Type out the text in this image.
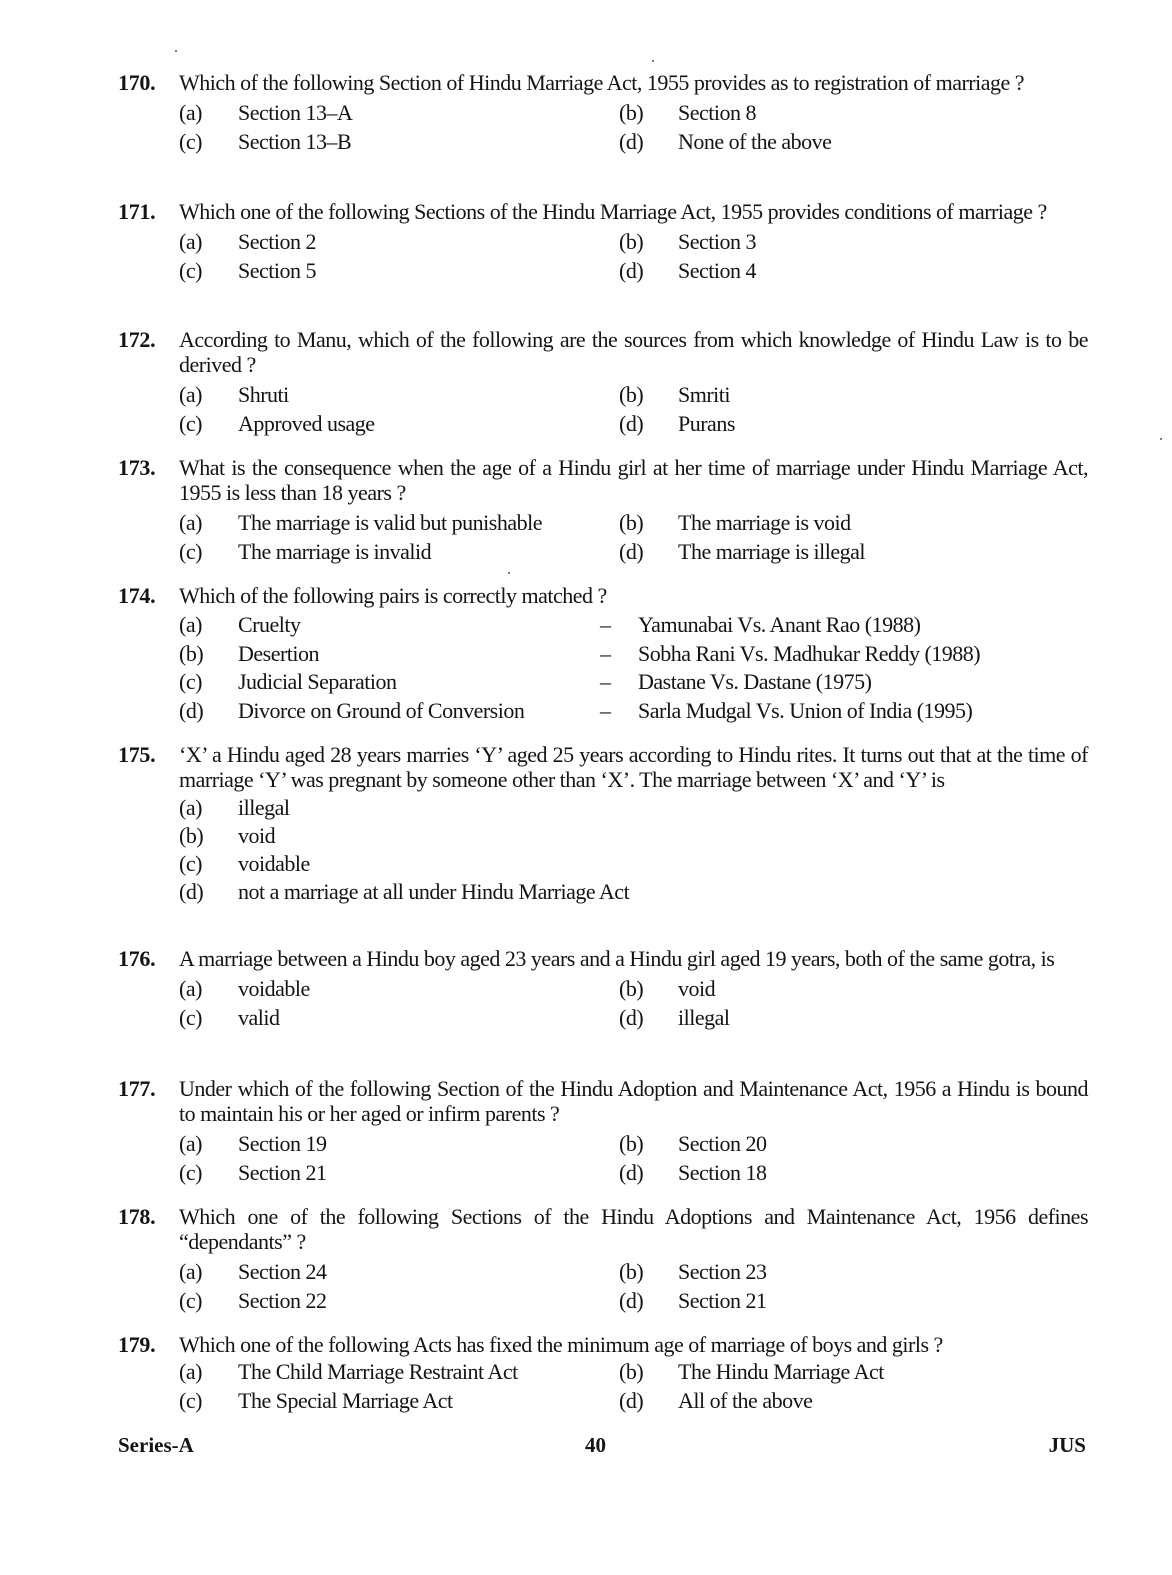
170.	Which of the following Section of Hindu Marriage Act, 1955 provides as to registration of marriage ?
(a)	Section 13–A	(b)	Section 8
(c)	Section 13–B	(d)	None of the above
171.	Which one of the following Sections of the Hindu Marriage Act, 1955 provides conditions of marriage ?
(a)	Section 2	(b)	Section 3
(c)	Section 5	(d)	Section 4
172.	According to Manu, which of the following are the sources from which knowledge of Hindu Law is to be derived ?
(a)	Shruti	(b)	Smriti
(c)	Approved usage	(d)	Purans
173.	What is the consequence when the age of a Hindu girl at her time of marriage under Hindu Marriage Act, 1955 is less than 18 years ?
(a)	The marriage is valid but punishable	(b)	The marriage is void
(c)	The marriage is invalid	(d)	The marriage is illegal
174.	Which of the following pairs is correctly matched ?
(a)	Cruelty	–	Yamunabai Vs. Anant Rao (1988)
(b)	Desertion	–	Sobha Rani Vs. Madhukar Reddy (1988)
(c)	Judicial Separation	–	Dastane Vs. Dastane (1975)
(d)	Divorce on Ground of Conversion	–	Sarla Mudgal Vs. Union of India (1995)
175.	‘X’ a Hindu aged 28 years marries ‘Y’ aged 25 years according to Hindu rites. It turns out that at the time of marriage ‘Y’ was pregnant by someone other than ‘X’. The marriage between ‘X’ and ‘Y’ is
(a)	illegal
(b)	void
(c)	voidable
(d)	not a marriage at all under Hindu Marriage Act
176.	A marriage between a Hindu boy aged 23 years and a Hindu girl aged 19 years, both of the same gotra, is
(a)	voidable	(b)	void
(c)	valid	(d)	illegal
177.	Under which of the following Section of the Hindu Adoption and Maintenance Act, 1956 a Hindu is bound to maintain his or her aged or infirm parents ?
(a)	Section 19	(b)	Section 20
(c)	Section 21	(d)	Section 18
178.	Which one of the following Sections of the Hindu Adoptions and Maintenance Act, 1956 defines “dependants” ?
(a)	Section 24	(b)	Section 23
(c)	Section 22	(d)	Section 21
179.	Which one of the following Acts has fixed the minimum age of marriage of boys and girls ?
(a)	The Child Marriage Restraint Act	(b)	The Hindu Marriage Act
(c)	The Special Marriage Act	(d)	All of the above
Series-A	40	JUS
